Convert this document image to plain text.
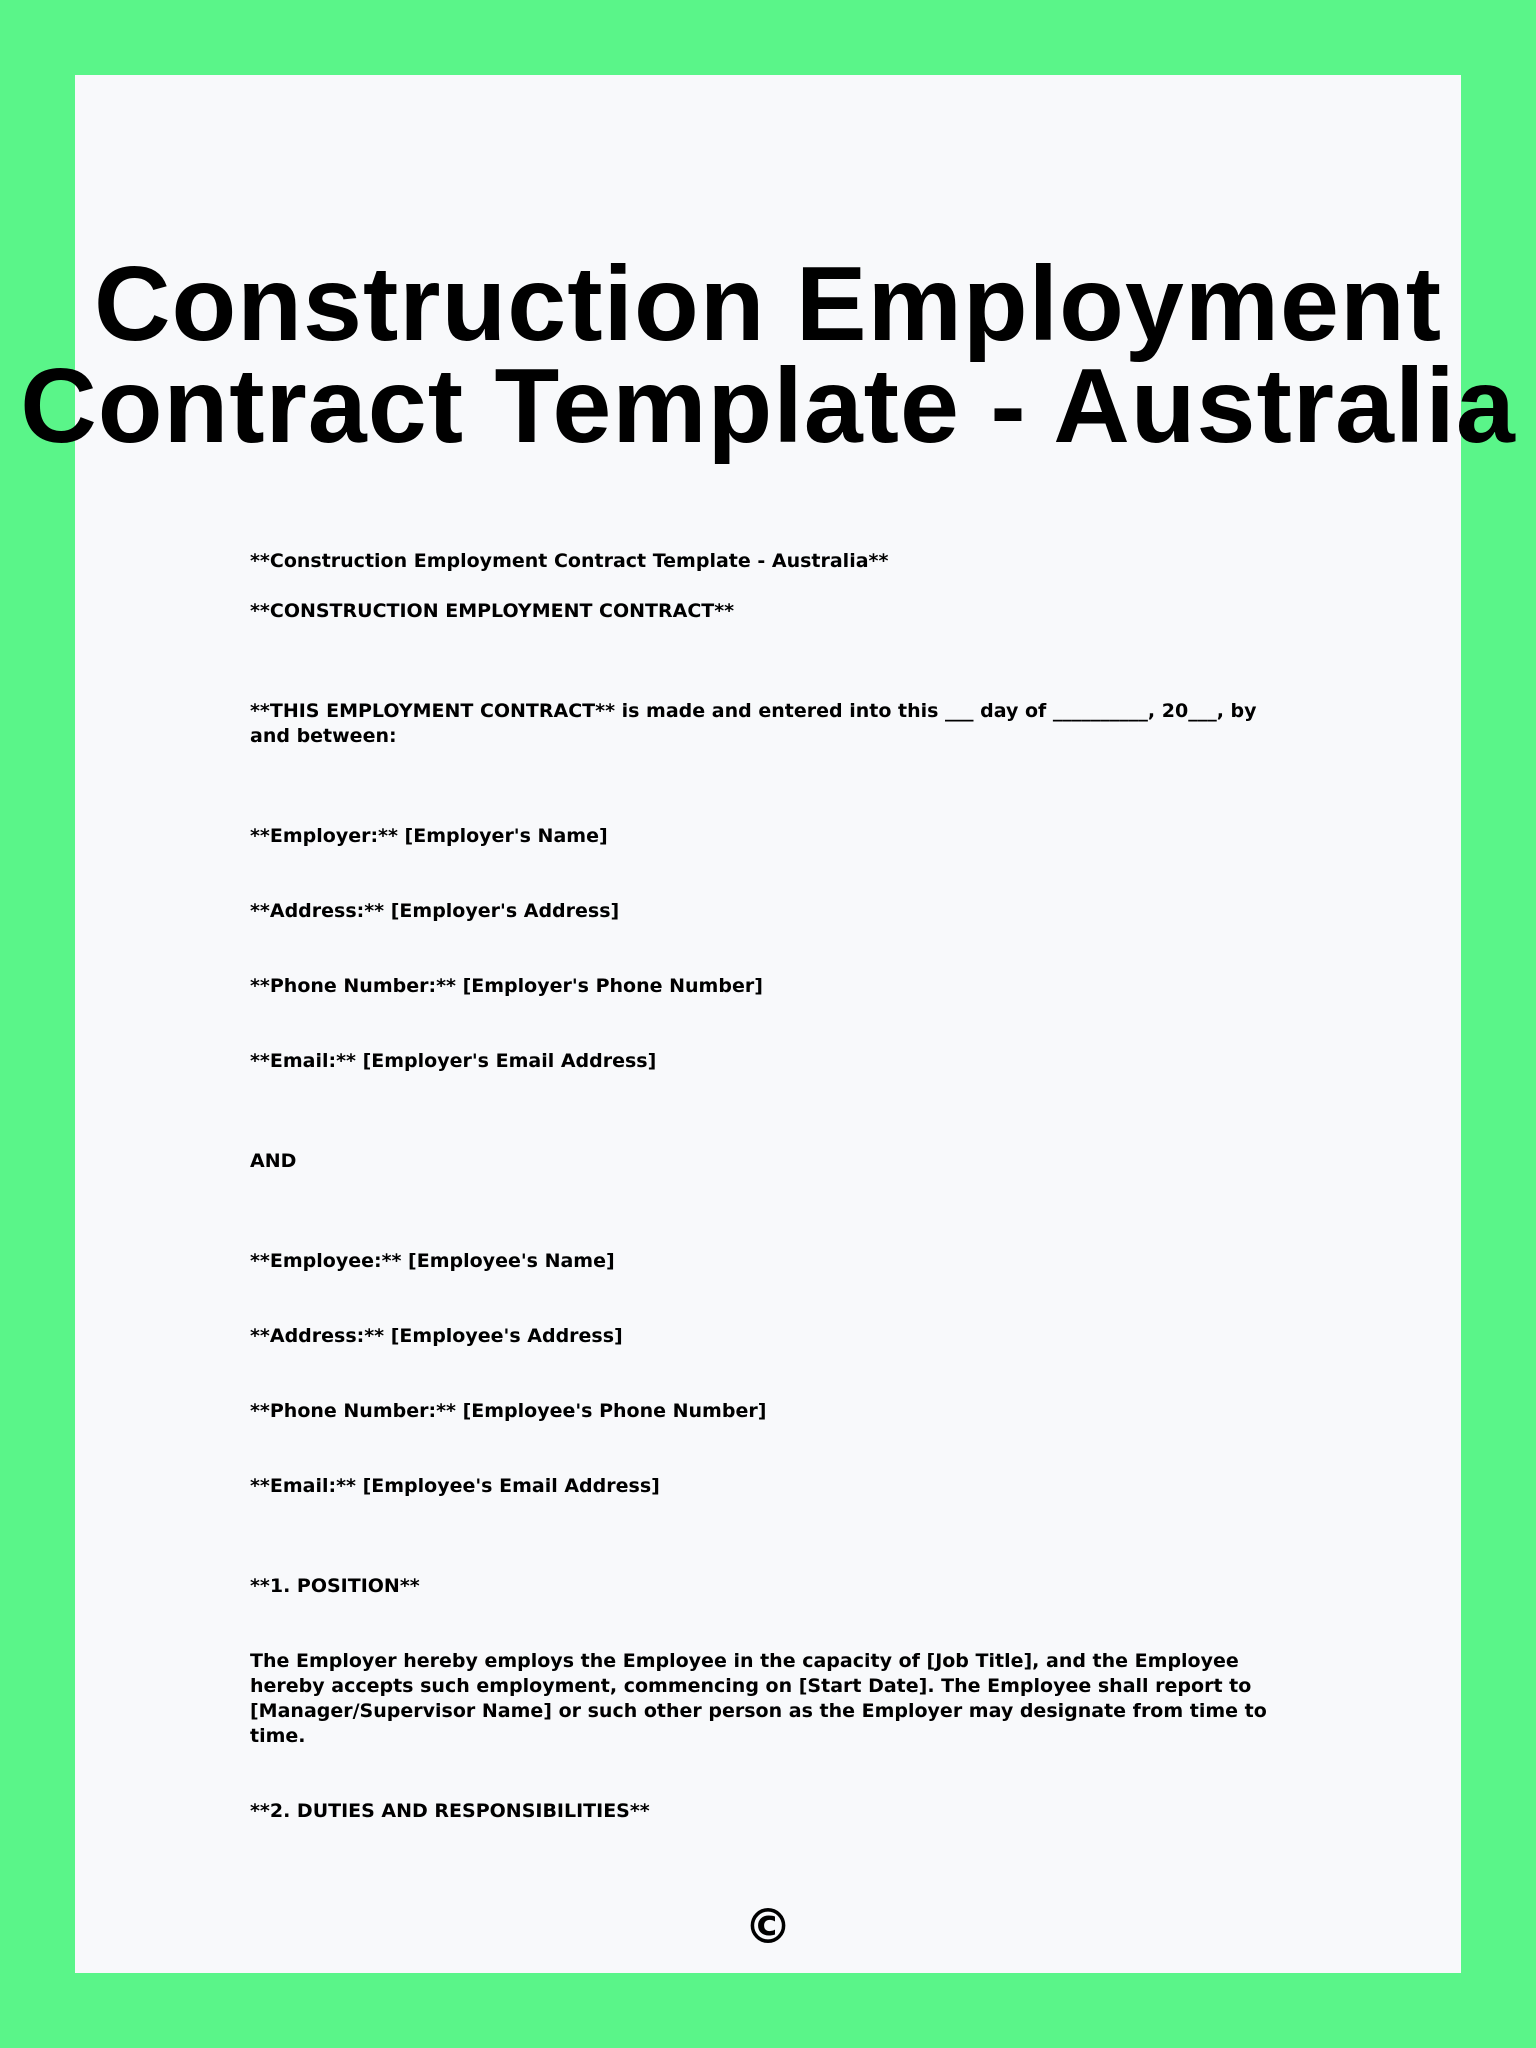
Construction Employment
Contract Template - Australia

**Construction Employment Contract Template - Australia**

**CONSTRUCTION EMPLOYMENT CONTRACT**

**THIS EMPLOYMENT CONTRACT** is made and entered into this ___ day of __________, 20___, by and between:

**Employer:** [Employer's Name]

**Address:** [Employer's Address]

**Phone Number:** [Employer's Phone Number]

**Email:** [Employer's Email Address]

AND

**Employee:** [Employee's Name]

**Address:** [Employee's Address]

**Phone Number:** [Employee's Phone Number]

**Email:** [Employee's Email Address]

**1. POSITION**

The Employer hereby employs the Employee in the capacity of [Job Title], and the Employee hereby accepts such employment, commencing on [Start Date]. The Employee shall report to [Manager/Supervisor Name] or such other person as the Employer may designate from time to time.

**2. DUTIES AND RESPONSIBILITIES**

©
